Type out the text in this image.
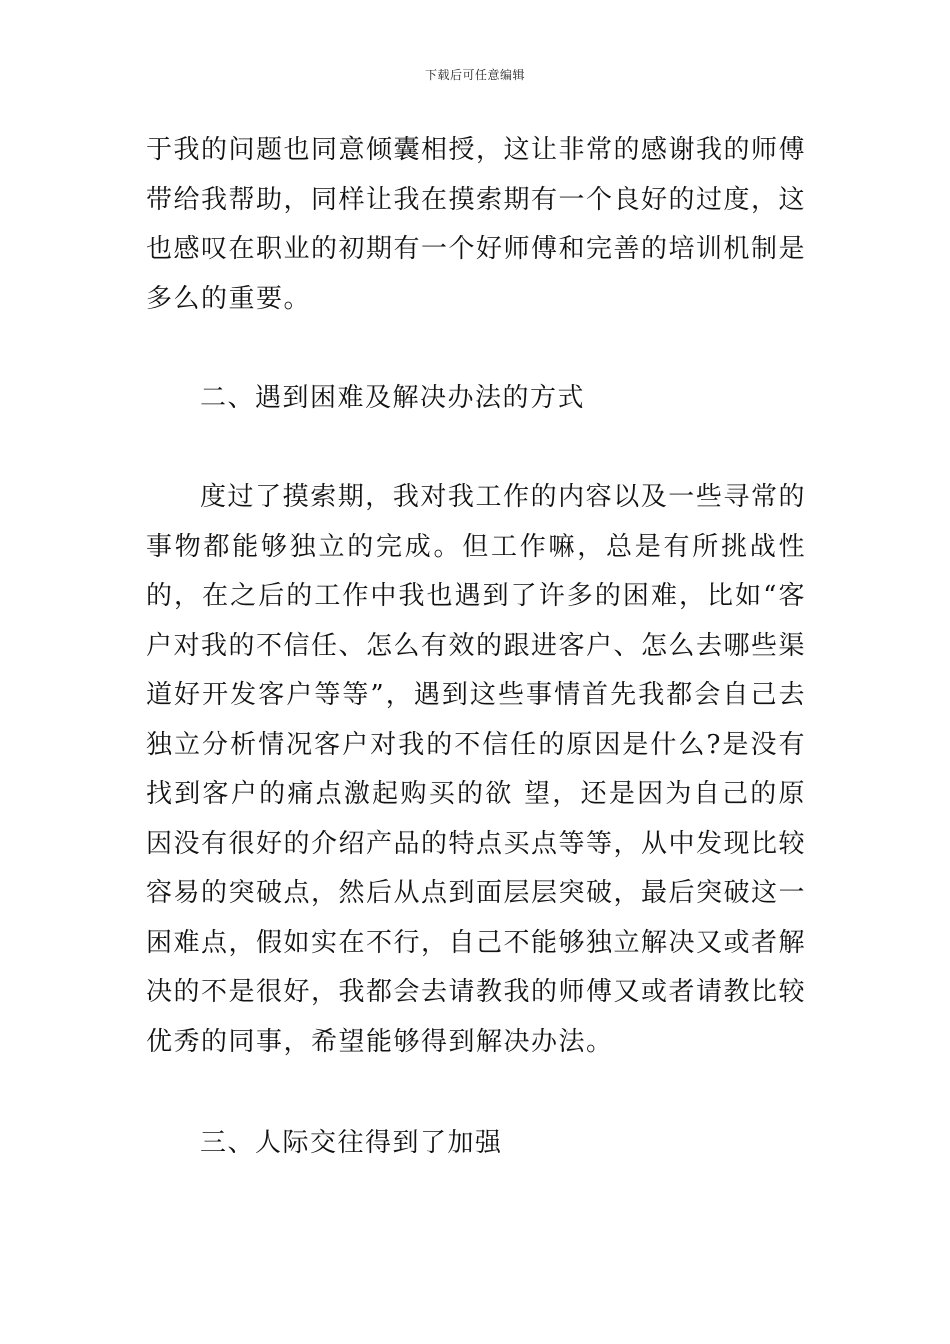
下载后可任意编辑

于我的问题也同意倾囊相授，这让非常的感谢我的师傅带给我帮助，同样让我在摸索期有一个良好的过度，这也感叹在职业的初期有一个好师傅和完善的培训机制是多么的重要。

二、遇到困难及解决办法的方式

度过了摸索期，我对我工作的内容以及一些寻常的事物都能够独立的完成。但工作嘛，总是有所挑战性的，在之后的工作中我也遇到了许多的困难，比如“客户对我的不信任、怎么有效的跟进客户、怎么去哪些渠道好开发客户等等”，遇到这些事情首先我都会自己去独立分析情况客户对我的不信任的原因是什么?是没有找到客户的痛点激起购买的欲 望，还是因为自己的原因没有很好的介绍产品的特点买点等等，从中发现比较容易的突破点，然后从点到面层层突破，最后突破这一困难点，假如实在不行，自己不能够独立解决又或者解决的不是很好，我都会去请教我的师傅又或者请教比较优秀的同事，希望能够得到解决办法。

三、人际交往得到了加强
